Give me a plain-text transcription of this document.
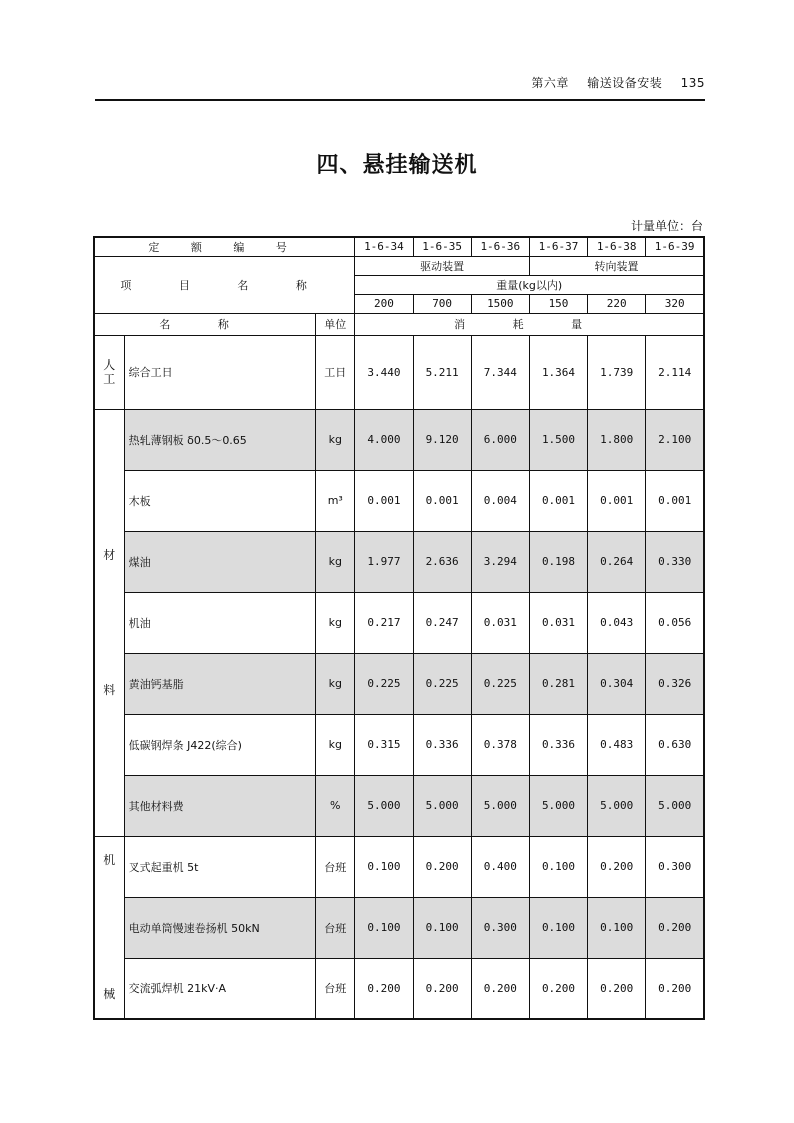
第六章 输送设备安装 135
四、悬挂输送机
计量单位：台
定 额 编 号			1-6-34	1-6-35	1-6-36	1-6-37	1-6-38	1-6-39
项 目 名 称			驱动装置			转向装置		
			重量(kg以内)					
			200	700	1500	150	220	320
名 称		单位	消 耗 量					

人
工	综合工日	工日	3.440	5.211	7.344	1.364	1.739	2.114

材
料	热轧薄钢板 δ0.5～0.65	kg	4.000	9.120	6.000	1.500	1.800	2.100
	木板	m³	0.001	0.001	0.004	0.001	0.001	0.001
	煤油	kg	1.977	2.636	3.294	0.198	0.264	0.330
	机油	kg	0.217	0.247	0.031	0.031	0.043	0.056
	黄油钙基脂	kg	0.225	0.225	0.225	0.281	0.304	0.326
	低碳钢焊条 J422(综合)	kg	0.315	0.336	0.378	0.336	0.483	0.630
	其他材料费	%	5.000	5.000	5.000	5.000	5.000	5.000

机
械	叉式起重机 5t	台班	0.100	0.200	0.400	0.100	0.200	0.300
	电动单筒慢速卷扬机 50kN	台班	0.100	0.100	0.300	0.100	0.100	0.200
	交流弧焊机 21kV·A	台班	0.200	0.200	0.200	0.200	0.200	0.200
